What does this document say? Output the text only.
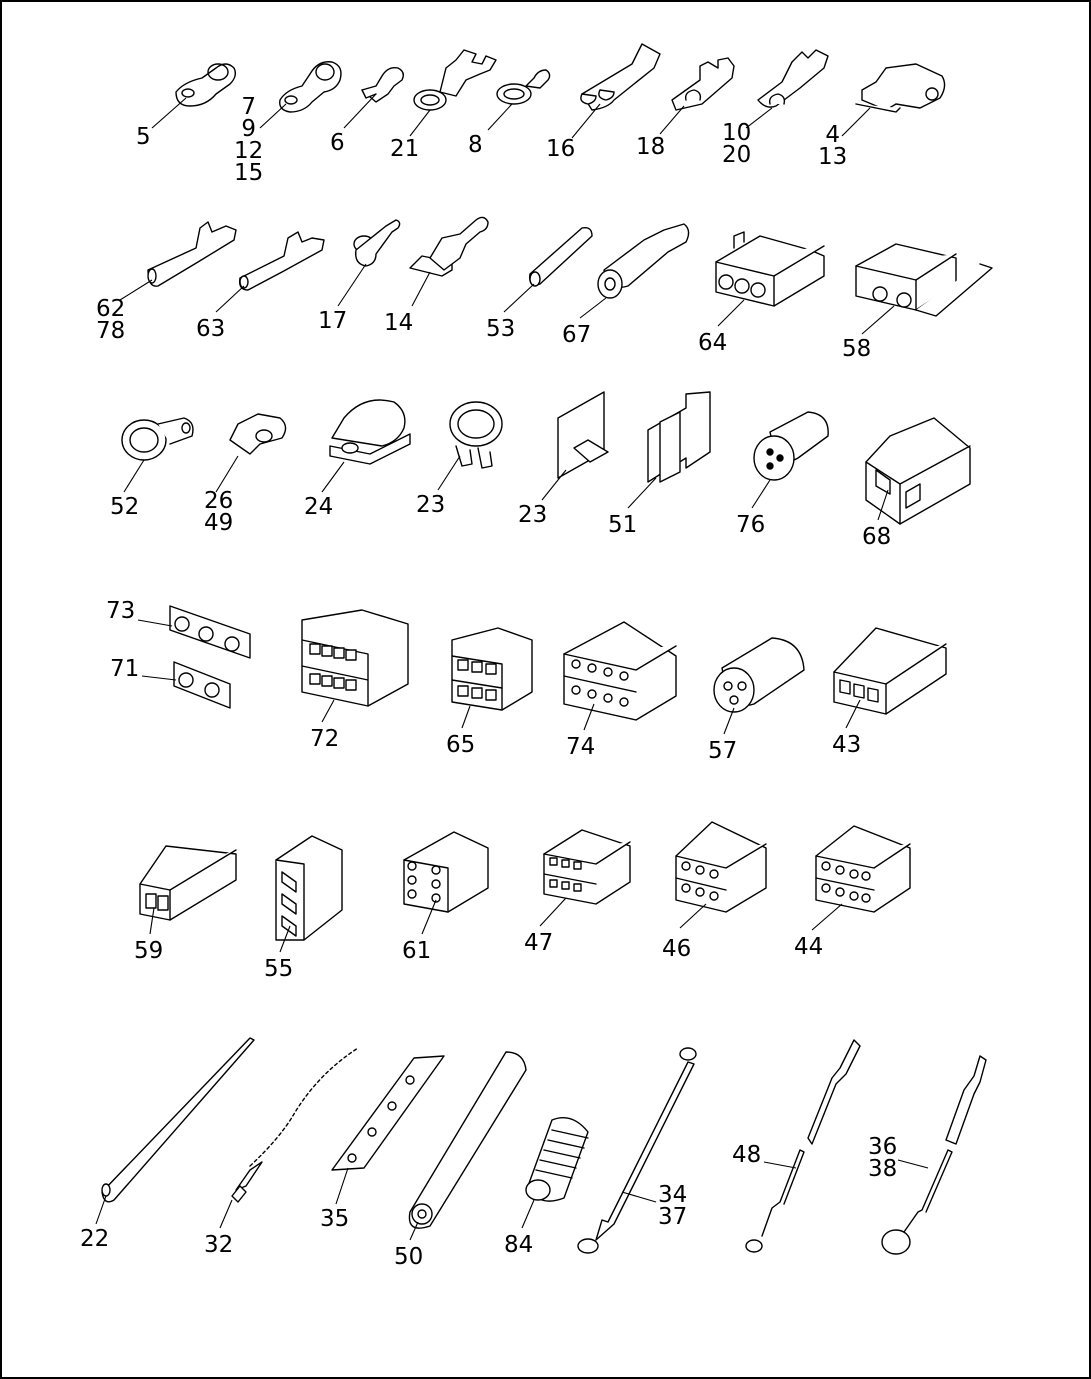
5
7
9
12
15
6 21 8	16	18
10
20
4
13
62
78	63	17 14	53 67	64	58
52	26
49
24	23	23	51	76	68
73
71
72	65	74	57	43
59
55
61	47	46	44
22	32
35
50	84
34
37
48	36
38
